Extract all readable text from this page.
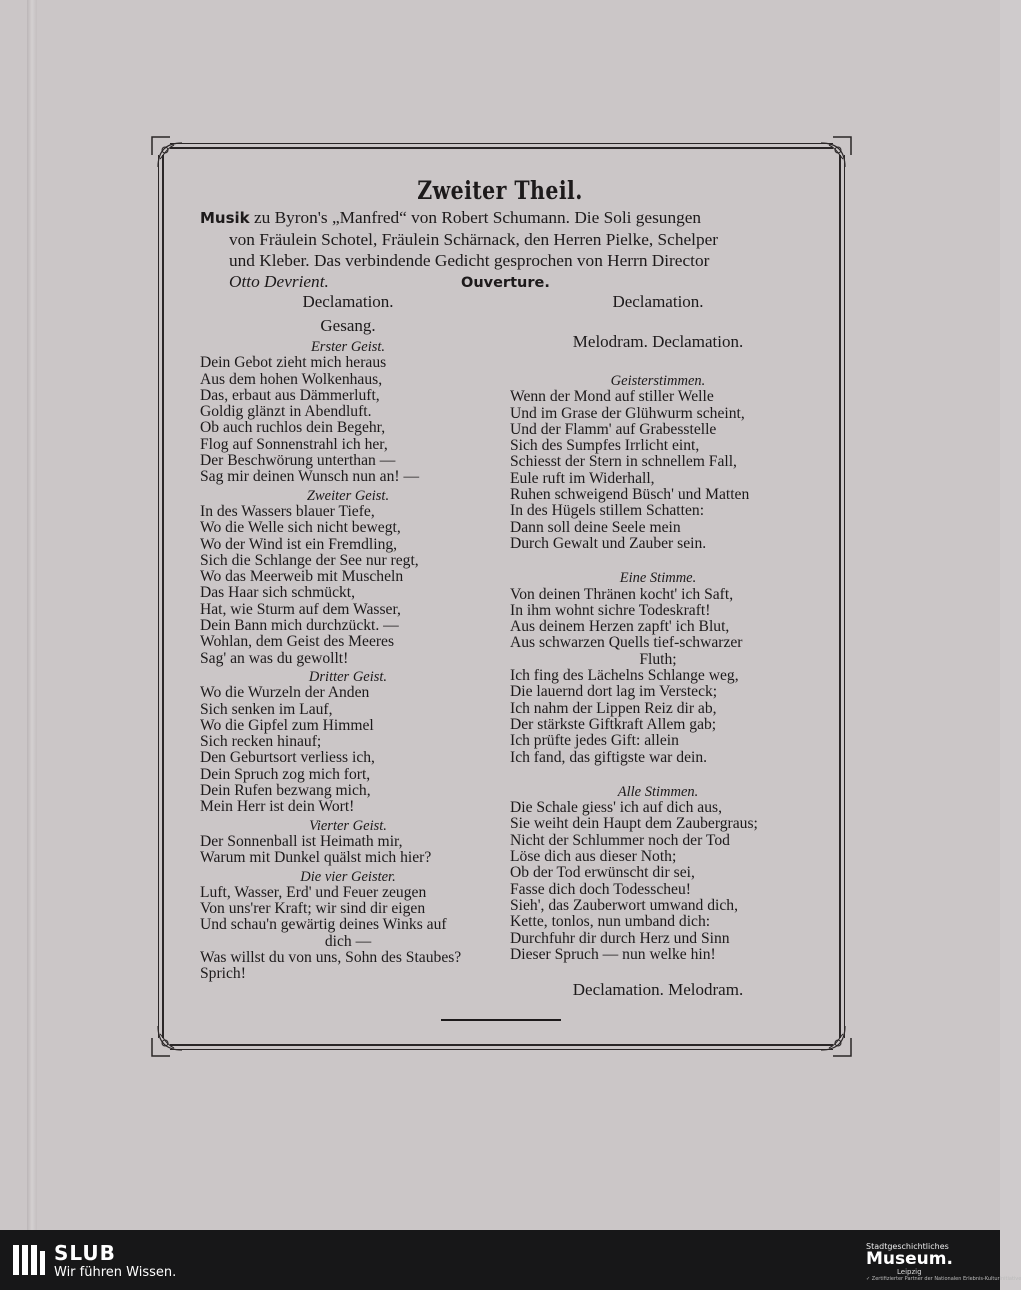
Zweiter Theil.
Musik zu Byron's „Manfred“ von Robert Schumann. Die Soli gesungen
von Fräulein Schotel, Fräulein Schärnack, den Herren Pielke, Schelper
und Kleber. Das verbindende Gedicht gesprochen von Herrn Director
Otto Devrient.	Ouverture.
Declamation.
Gesang.
Erster Geist.
Dein Gebot zieht mich heraus
Aus dem hohen Wolkenhaus,
Das, erbaut aus Dämmerluft,
Goldig glänzt in Abendluft.
Ob auch ruchlos dein Begehr,
Flog auf Sonnenstrahl ich her,
Der Beschwörung unterthan —
Sag mir deinen Wunsch nun an! —
Zweiter Geist.
In des Wassers blauer Tiefe,
Wo die Welle sich nicht bewegt,
Wo der Wind ist ein Fremdling,
Sich die Schlange der See nur regt,
Wo das Meerweib mit Muscheln
Das Haar sich schmückt,
Hat, wie Sturm auf dem Wasser,
Dein Bann mich durchzückt. —
Wohlan, dem Geist des Meeres
Sag' an was du gewollt!
Dritter Geist.
Wo die Wurzeln der Anden
Sich senken im Lauf,
Wo die Gipfel zum Himmel
Sich recken hinauf;
Den Geburtsort verliess ich,
Dein Spruch zog mich fort,
Dein Rufen bezwang mich,
Mein Herr ist dein Wort!
Vierter Geist.
Der Sonnenball ist Heimath mir,
Warum mit Dunkel quälst mich hier?
Die vier Geister.
Luft, Wasser, Erd' und Feuer zeugen
Von uns'rer Kraft; wir sind dir eigen
Und schau'n gewärtig deines Winks auf
dich —
Was willst du von uns, Sohn des Staubes? Sprich!
Declamation.
Melodram. Declamation.
Geisterstimmen.
Wenn der Mond auf stiller Welle
Und im Grase der Glühwurm scheint,
Und der Flamm' auf Grabesstelle
Sich des Sumpfes Irrlicht eint,
Schiesst der Stern in schnellem Fall,
Eule ruft im Widerhall,
Ruhen schweigend Büsch' und Matten
In des Hügels stillem Schatten:
Dann soll deine Seele mein
Durch Gewalt und Zauber sein.
Eine Stimme.
Von deinen Thränen kocht' ich Saft,
In ihm wohnt sichre Todeskraft!
Aus deinem Herzen zapft' ich Blut,
Aus schwarzen Quells tief-schwarzer
Fluth;
Ich fing des Lächelns Schlange weg,
Die lauernd dort lag im Versteck;
Ich nahm der Lippen Reiz dir ab,
Der stärkste Giftkraft Allem gab;
Ich prüfte jedes Gift: allein
Ich fand, das giftigste war dein.
Alle Stimmen.
Die Schale giess' ich auf dich aus,
Sie weiht dein Haupt dem Zaubergraus;
Nicht der Schlummer noch der Tod
Löse dich aus dieser Noth;
Ob der Tod erwünscht dir sei,
Fasse dich doch Todesscheu!
Sieh', das Zauberwort umwand dich,
Kette, tonlos, nun umband dich:
Durchfuhr dir durch Herz und Sinn
Dieser Spruch — nun welke hin!
Declamation. Melodram.
SLUB
Wir führen Wissen.
Stadtgeschichtliches
Museum.
Leipzig
✓ Zertifizierter Partner der Nationalen Erlebnis-Kulturinitiative
